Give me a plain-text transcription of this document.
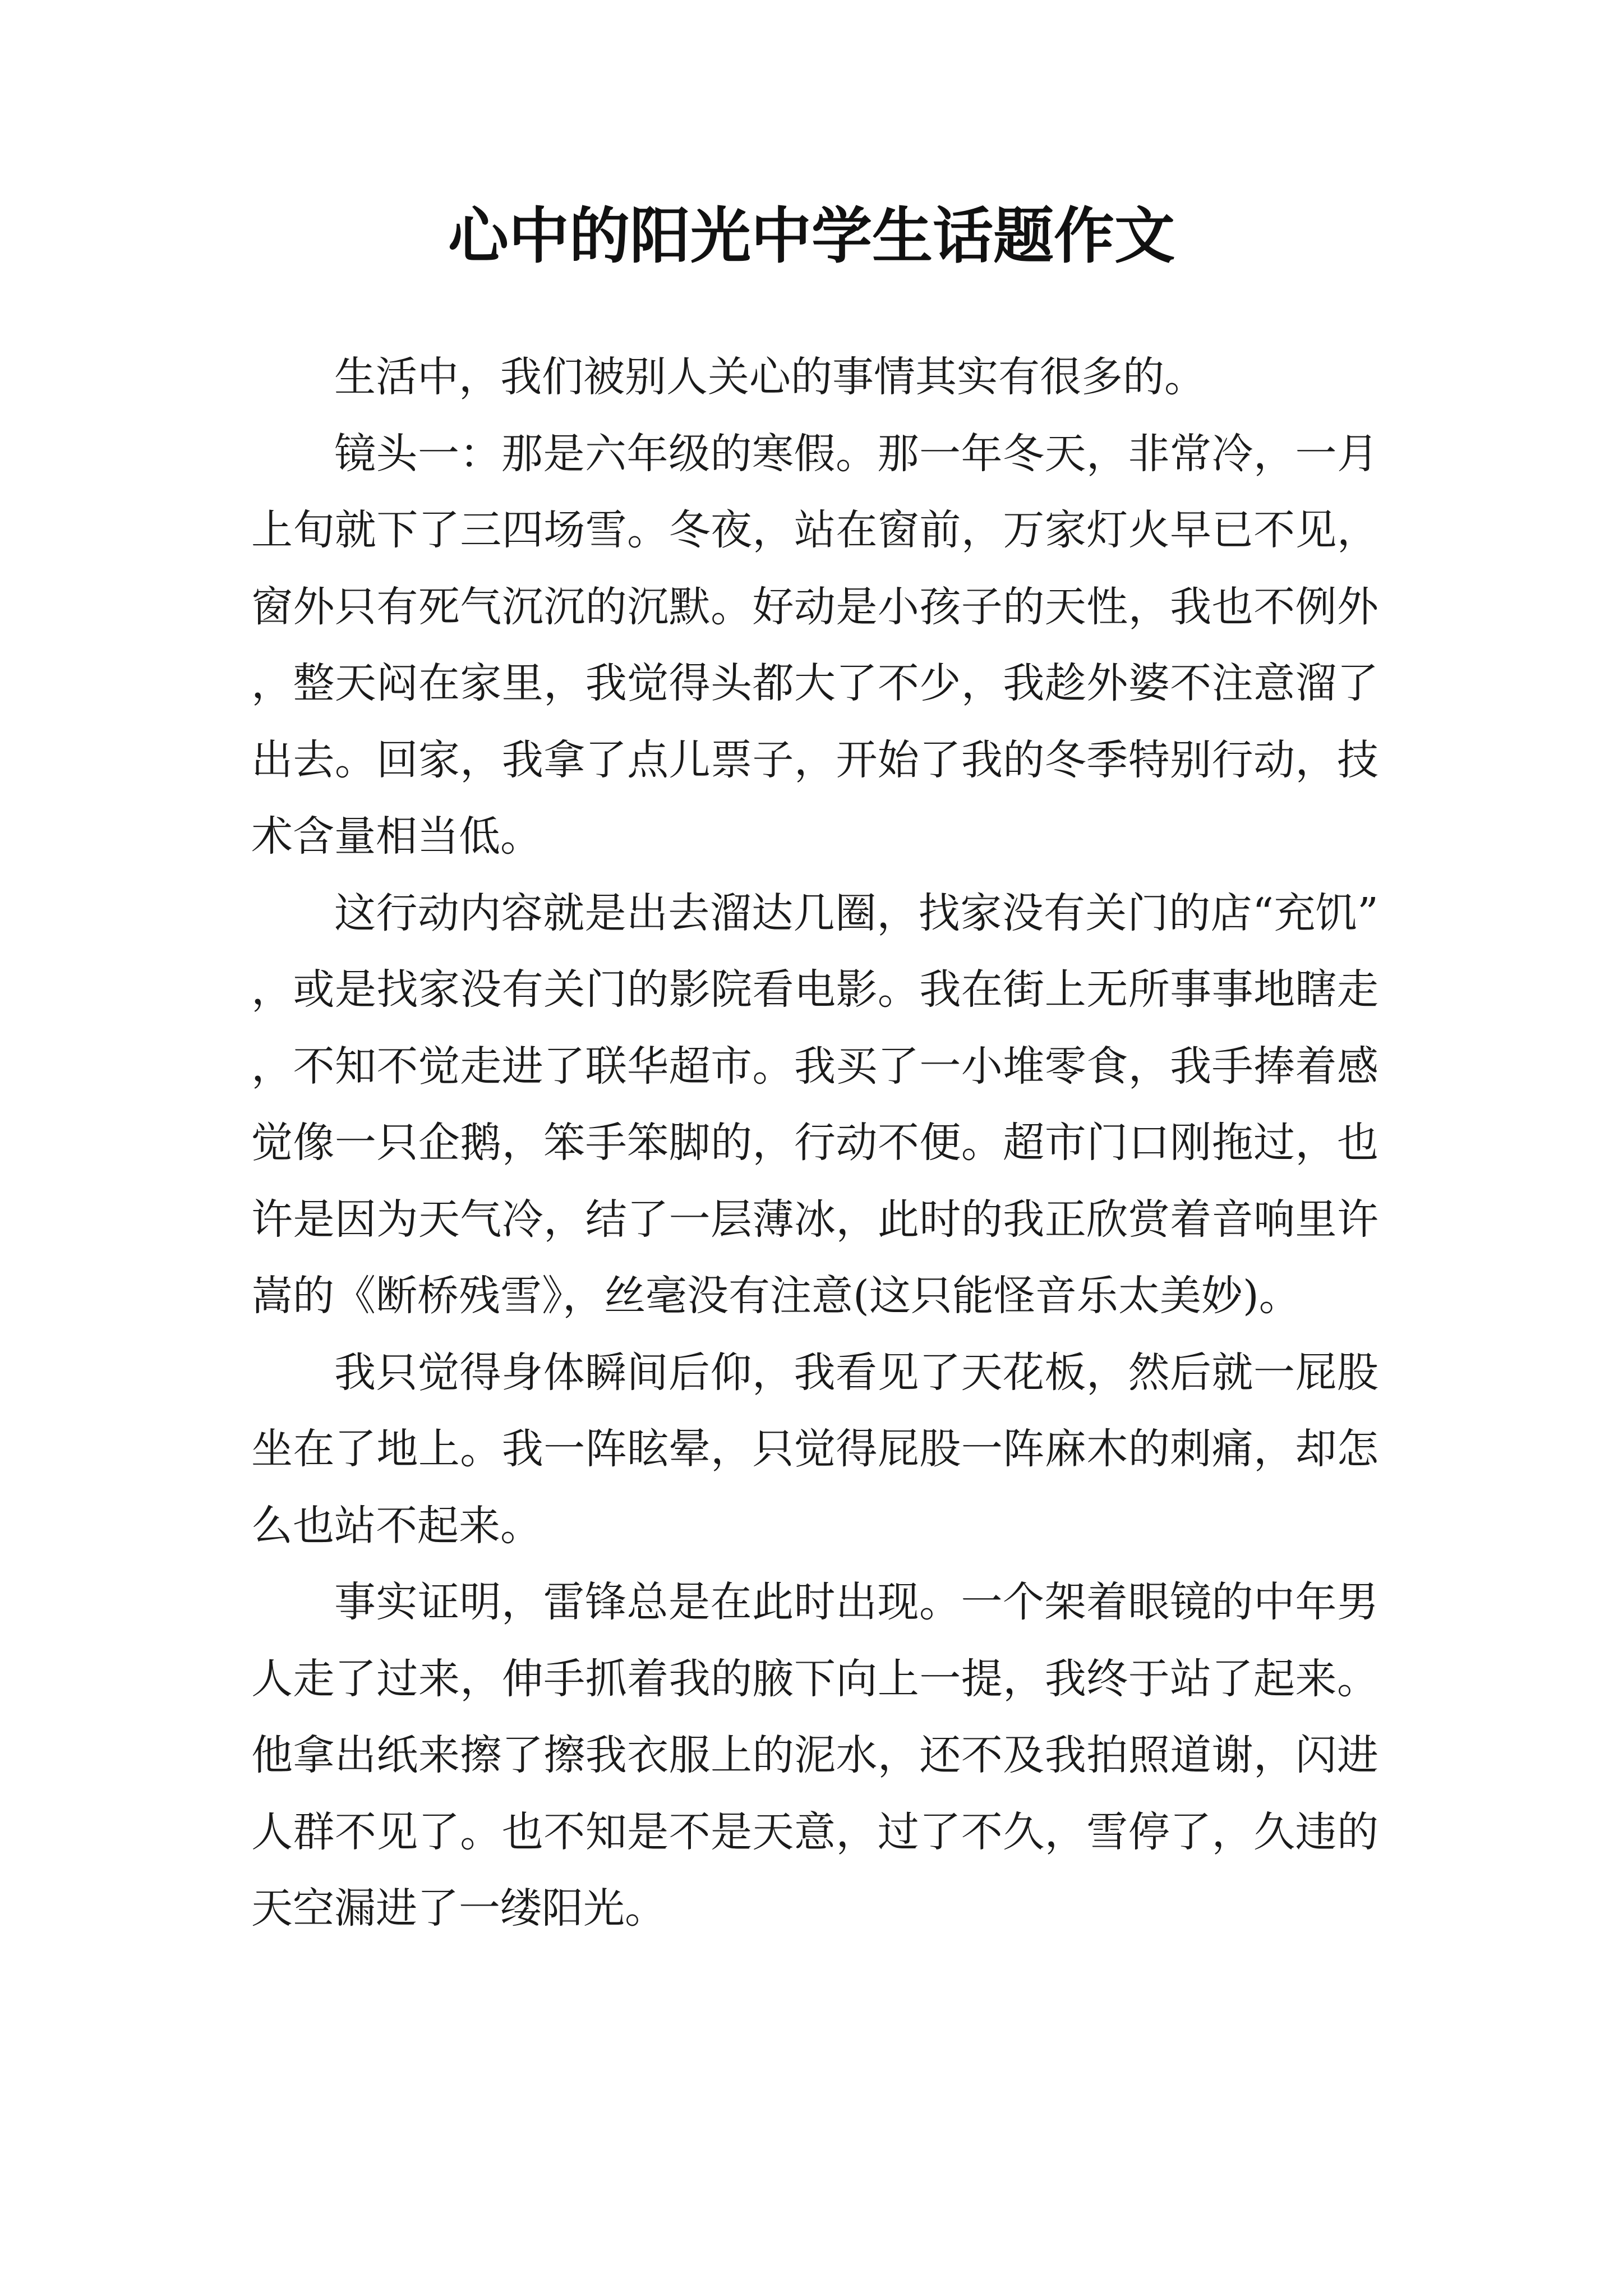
心中的阳光中学生话题作文

生活中，我们被别人关心的事情其实有很多的。

镜头一：那是六年级的寒假。那一年冬天，非常冷，一月上旬就下了三四场雪。冬夜，站在窗前，万家灯火早已不见，窗外只有死气沉沉的沉默。好动是小孩子的天性，我也不例外，整天闷在家里，我觉得头都大了不少，我趁外婆不注意溜了出去。回家，我拿了点儿票子，开始了我的冬季特别行动，技术含量相当低。

这行动内容就是出去溜达几圈，找家没有关门的店“充饥”，或是找家没有关门的影院看电影。我在街上无所事事地瞎走，不知不觉走进了联华超市。我买了一小堆零食，我手捧着感觉像一只企鹅，笨手笨脚的，行动不便。超市门口刚拖过，也许是因为天气冷，结了一层薄冰，此时的我正欣赏着音响里许嵩的《断桥残雪》，丝毫没有注意(这只能怪音乐太美妙)。

我只觉得身体瞬间后仰，我看见了天花板，然后就一屁股坐在了地上。我一阵眩晕，只觉得屁股一阵麻木的刺痛，却怎么也站不起来。

事实证明，雷锋总是在此时出现。一个架着眼镜的中年男人走了过来，伸手抓着我的腋下向上一提，我终于站了起来。他拿出纸来擦了擦我衣服上的泥水，还不及我拍照道谢，闪进人群不见了。也不知是不是天意，过了不久，雪停了，久违的天空漏进了一缕阳光。
